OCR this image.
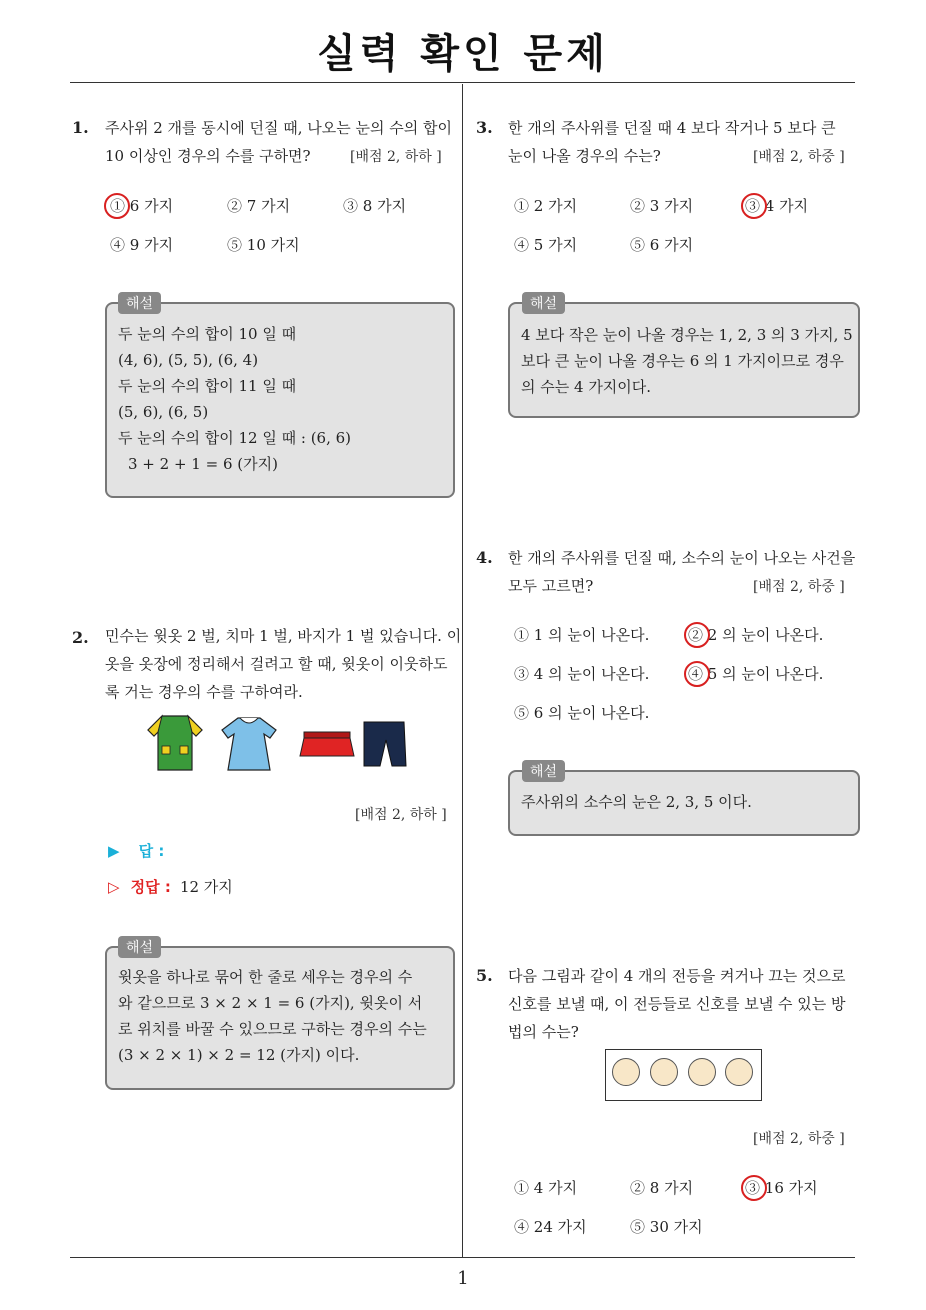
실력 확인 문제
1
1. 주사위 2 개를 동시에 던질 때, 나오는 눈의 수의 합이
10 이상인 경우의 수를 구하면?	[배점 2, 하하 ]
① 6 가지	② 7 가지	③ 8 가지
④ 9 가지	⑤ 10 가지
해설
두 눈의 수의 합이 10 일 때
(4, 6), (5, 5), (6, 4)
두 눈의 수의 합이 11 일 때
(5, 6), (6, 5)
두 눈의 수의 합이 12 일 때 : (6, 6)
3 + 2 + 1 = 6 (가지)
2. 민수는 윗옷 2 벌, 치마 1 벌, 바지가 1 벌 있습니다. 이
옷을 옷장에 정리해서 걸려고 할 때, 윗옷이 이웃하도
록 거는 경우의 수를 구하여라.
[배점 2, 하하 ]
▶ 답 :
▷ 정답 : 12 가지
해설
윗옷을 하나로 묶어 한 줄로 세우는 경우의 수
와 같으므로 3 × 2 × 1 = 6 (가지), 윗옷이 서
로 위치를 바꿀 수 있으므로 구하는 경우의 수는
(3 × 2 × 1) × 2 = 12 (가지) 이다.
3. 한 개의 주사위를 던질 때 4 보다 작거나 5 보다 큰
눈이 나올 경우의 수는?	[배점 2, 하중 ]
① 2 가지	② 3 가지	③ 4 가지
④ 5 가지	⑤ 6 가지
해설
4 보다 작은 눈이 나올 경우는 1, 2, 3 의 3 가지, 5
보다 큰 눈이 나올 경우는 6 의 1 가지이므로 경우
의 수는 4 가지이다.
4. 한 개의 주사위를 던질 때, 소수의 눈이 나오는 사건을
모두 고르면?	[배점 2, 하중 ]
① 1 의 눈이 나온다.	② 2 의 눈이 나온다.
③ 4 의 눈이 나온다.	④ 5 의 눈이 나온다.
⑤ 6 의 눈이 나온다.
해설
주사위의 소수의 눈은 2, 3, 5 이다.
5. 다음 그림과 같이 4 개의 전등을 켜거나 끄는 것으로
신호를 보낼 때, 이 전등들로 신호를 보낼 수 있는 방
법의 수는?
[배점 2, 하중 ]
① 4 가지	② 8 가지	③ 16 가지
④ 24 가지	⑤ 30 가지
